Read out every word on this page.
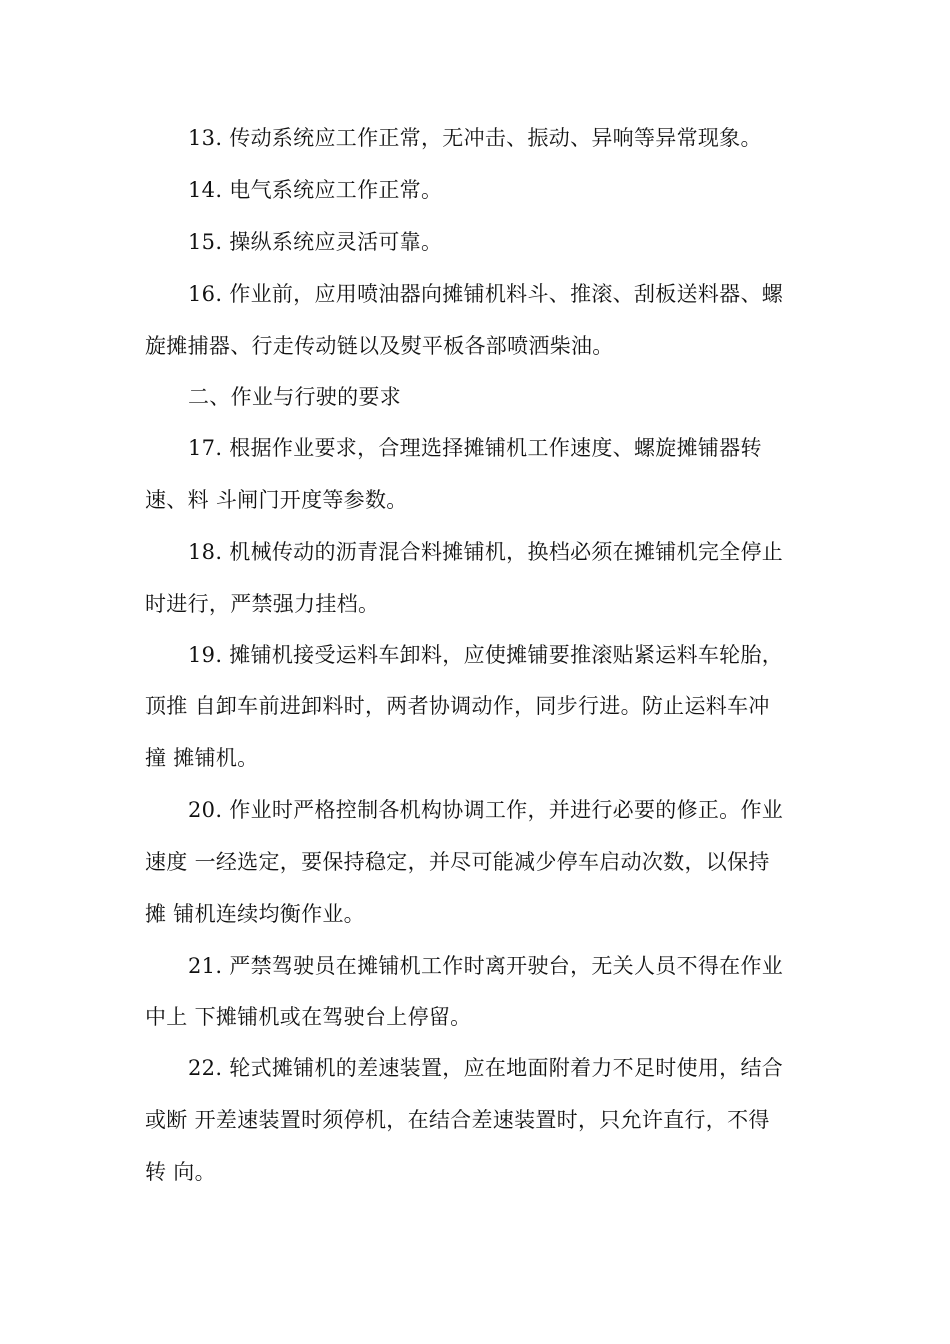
13. 传动系统应工作正常，无冲击、振动、异响等异常现象。
14. 电气系统应工作正常。
15. 操纵系统应灵活可靠。
16. 作业前，应用喷油器向摊铺机料斗、推滚、刮板送料器、螺
旋摊捕器、行走传动链以及熨平板各部喷洒柴油。
二、作业与行驶的要求
17. 根据作业要求，合理选择摊铺机工作速度、螺旋摊铺器转
速、料 斗闸门开度等参数。
18. 机械传动的沥青混合料摊铺机，换档必须在摊铺机完全停止
时进行，严禁强力挂档。
19. 摊铺机接受运料车卸料，应使摊铺要推滚贴紧运料车轮胎，
顶推 自卸车前进卸料时，两者协调动作，同步行进。防止运料车冲
撞 摊铺机。
20. 作业时严格控制各机构协调工作，并进行必要的修正。作业
速度 一经选定，要保持稳定，并尽可能减少停车启动次数，以保持
摊 铺机连续均衡作业。
21. 严禁驾驶员在摊铺机工作时离开驶台，无关人员不得在作业
中上 下摊铺机或在驾驶台上停留。
22. 轮式摊铺机的差速装置，应在地面附着力不足时使用，结合
或断 开差速装置时须停机，在结合差速装置时，只允许直行，不得
转 向。
